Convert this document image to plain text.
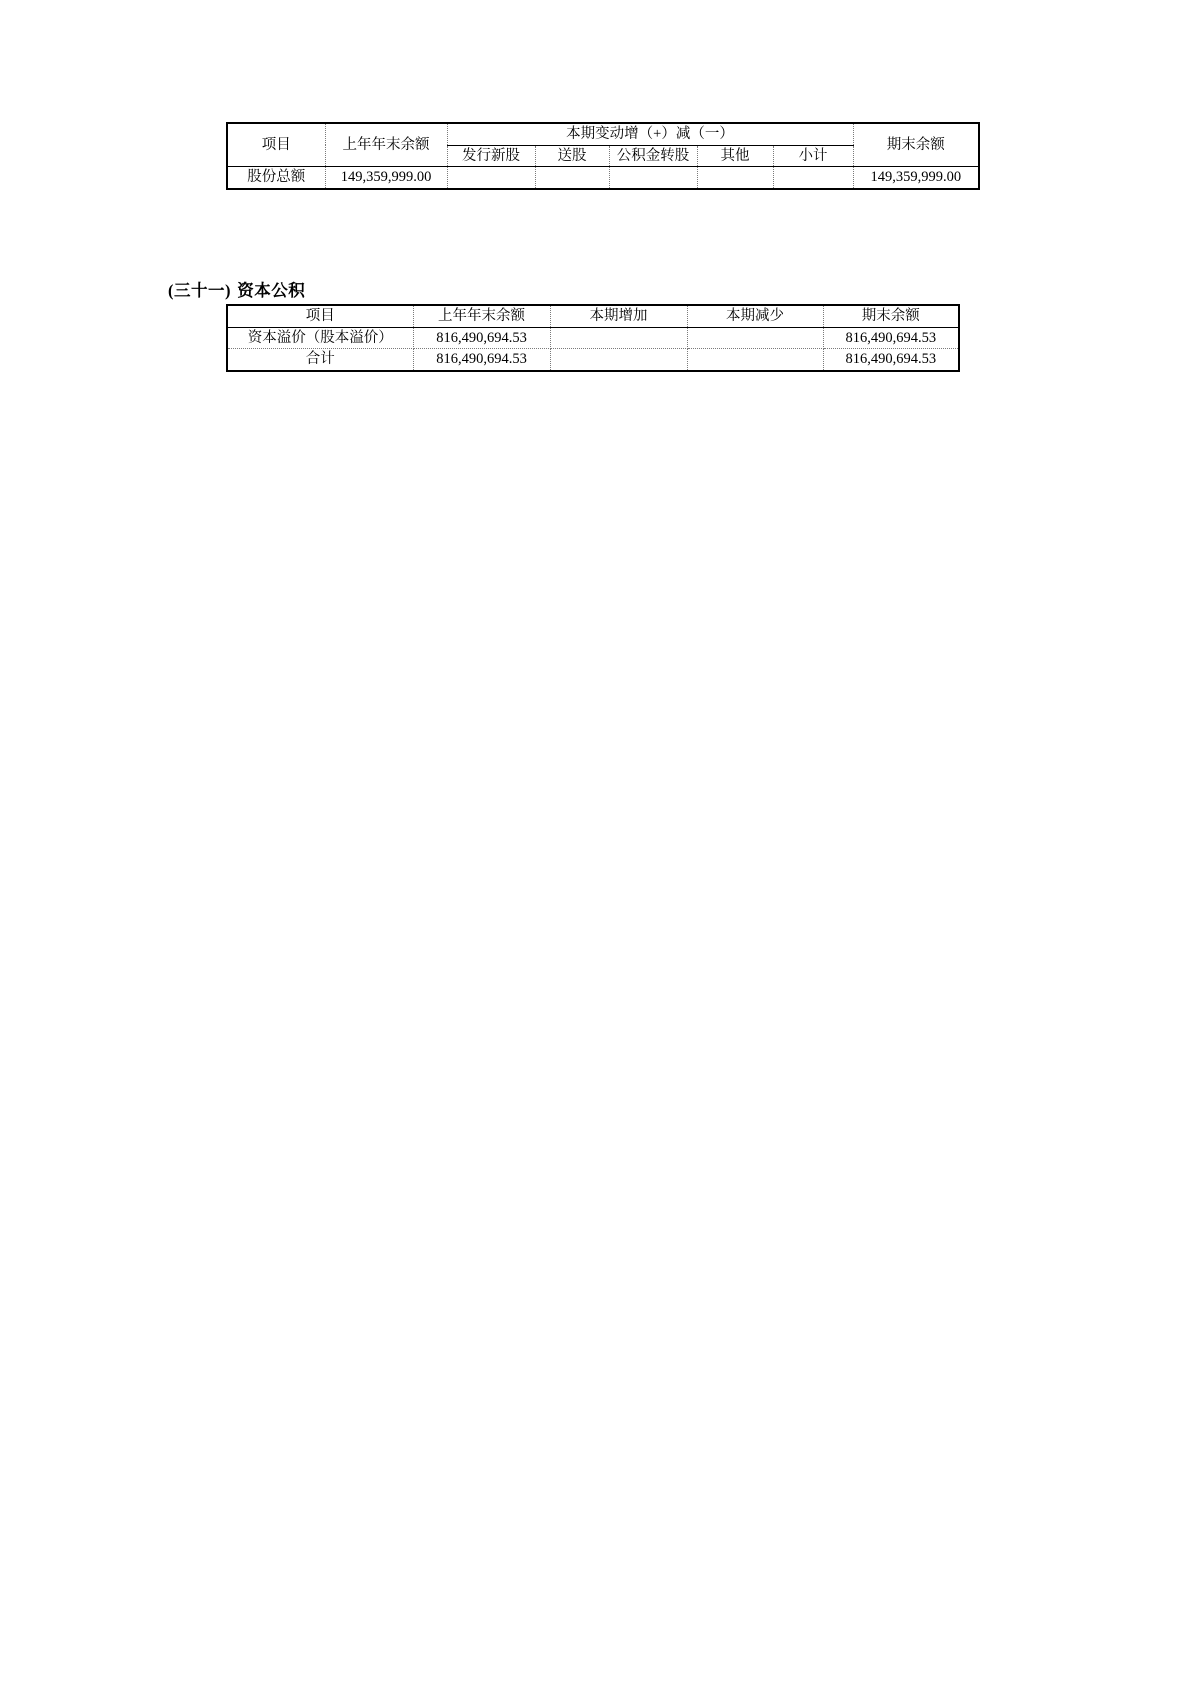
项目	上年年末余额	本期变动增（+）减（一）					期末余额
		发行新股	送股	公积金转股	其他	小计	
股份总额	149,359,999.00						149,359,999.00
(三十一) 资本公积
项目	上年年末余额	本期增加	本期减少	期末余额
资本溢价（股本溢价）	816,490,694.53			816,490,694.53
合计	816,490,694.53			816,490,694.53
